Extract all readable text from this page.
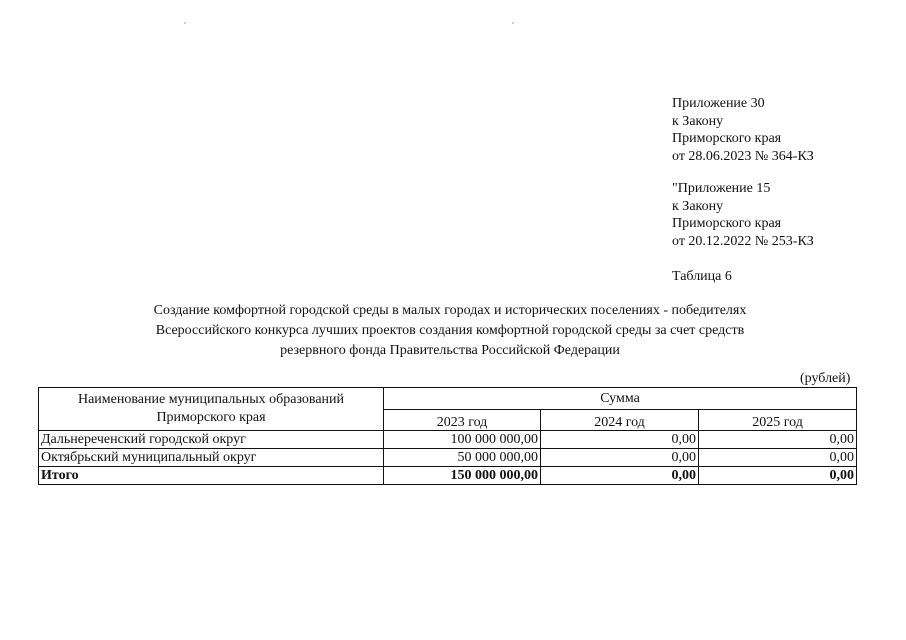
Приложение 30
к Закону
Приморского края
от 28.06.2023 № 364-КЗ
"Приложение 15
к Закону
Приморского края
от 20.12.2022 № 253-КЗ
Таблица 6
Создание комфортной городской среды в малых городах и исторических поселениях - победителях
Всероссийского конкурса лучших проектов создания комфортной городской среды за счет средств
резервного фонда Правительства Российской Федерации
(рублей)
Наименование муниципальных образований
Приморского края	Сумма		
	2023 год	2024 год	2025 год
Дальнереченский городской округ	100 000 000,00	0,00	0,00
Октябрьский муниципальный округ	50 000 000,00	0,00	0,00
Итого	150 000 000,00	0,00	0,00
